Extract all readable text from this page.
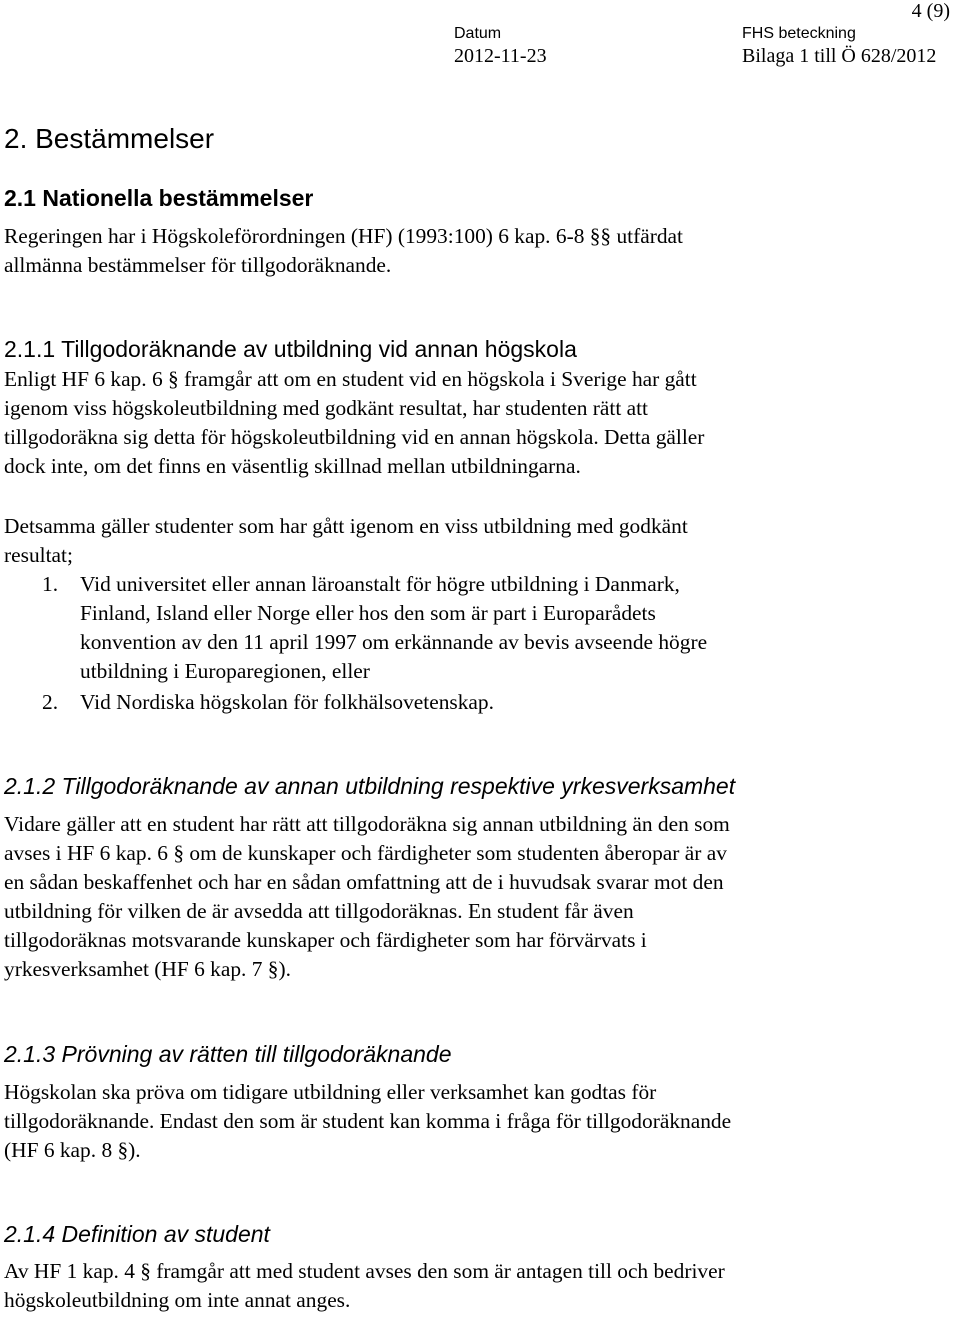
4 (9)
Datum
2012-11-23
FHS beteckning
Bilaga 1 till Ö 628/2012
2. Bestämmelser
2.1 Nationella bestämmelser
Regeringen har i Högskoleförordningen (HF) (1993:100) 6 kap. 6-8 §§ utfärdat
allmänna bestämmelser för tillgodoräknande.
2.1.1 Tillgodoräknande av utbildning vid annan högskola
Enligt HF 6 kap. 6 § framgår att om en student vid en högskola i Sverige har gått
igenom viss högskoleutbildning med godkänt resultat, har studenten rätt att
tillgodoräkna sig detta för högskoleutbildning vid en annan högskola. Detta gäller
dock inte, om det finns en väsentlig skillnad mellan utbildningarna.
Detsamma gäller studenter som har gått igenom en viss utbildning med godkänt
resultat;
1. Vid universitet eller annan läroanstalt för högre utbildning i Danmark,
Finland, Island eller Norge eller hos den som är part i Europarådets
konvention av den 11 april 1997 om erkännande av bevis avseende högre
utbildning i Europaregionen, eller
2. Vid Nordiska högskolan för folkhälsovetenskap.
2.1.2 Tillgodoräknande av annan utbildning respektive yrkesverksamhet
Vidare gäller att en student har rätt att tillgodoräkna sig annan utbildning än den som
avses i HF 6 kap. 6 § om de kunskaper och färdigheter som studenten åberopar är av
en sådan beskaffenhet och har en sådan omfattning att de i huvudsak svarar mot den
utbildning för vilken de är avsedda att tillgodoräknas. En student får även
tillgodoräknas motsvarande kunskaper och färdigheter som har förvärvats i
yrkesverksamhet (HF 6 kap. 7 §).
2.1.3 Prövning av rätten till tillgodoräknande
Högskolan ska pröva om tidigare utbildning eller verksamhet kan godtas för
tillgodoräknande. Endast den som är student kan komma i fråga för tillgodoräknande
(HF 6 kap. 8 §).
2.1.4 Definition av student
Av HF 1 kap. 4 § framgår att med student avses den som är antagen till och bedriver
högskoleutbildning om inte annat anges.
